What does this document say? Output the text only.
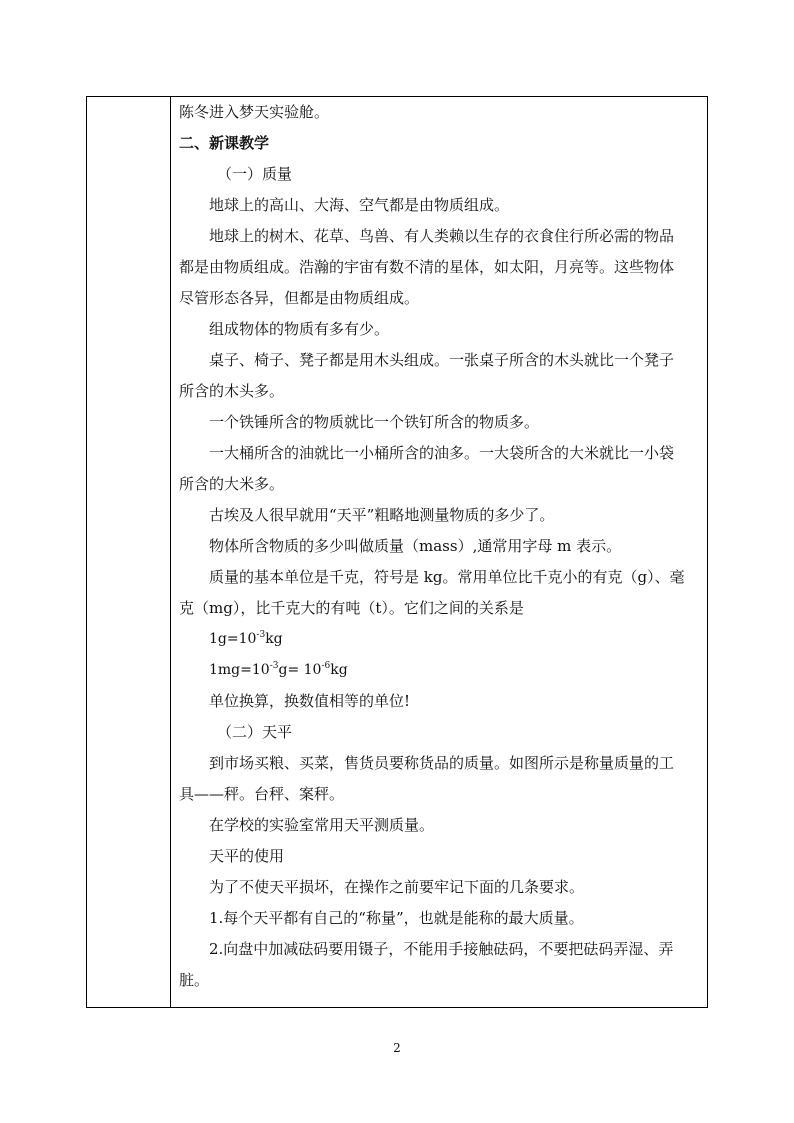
陈冬进入梦天实验舱。
二、新课教学
（一）质量
地球上的高山、大海、空气都是由物质组成。
地球上的树木、花草、鸟兽、有人类赖以生存的衣食住行所必需的物品
都是由物质组成。浩瀚的宇宙有数不清的星体，如太阳，月亮等。这些物体
尽管形态各异，但都是由物质组成。
组成物体的物质有多有少。
桌子、椅子、凳子都是用木头组成。一张桌子所含的木头就比一个凳子
所含的木头多。
一个铁锤所含的物质就比一个铁钉所含的物质多。
一大桶所含的油就比一小桶所含的油多。一大袋所含的大米就比一小袋
所含的大米多。
古埃及人很早就用“天平”粗略地测量物质的多少了。
物体所含物质的多少叫做质量（mass）,通常用字母 m 表示。
质量的基本单位是千克，符号是 kg。常用单位比千克小的有克（g）、毫
克（mg），比千克大的有吨（t）。它们之间的关系是
$1g=10^{-3}kg$
$1mg=10^{-3}g= 10^{-6}kg$
单位换算，换数值相等的单位!
（二）天平
到市场买粮、买菜，售货员要称货品的质量。如图所示是称量质量的工
具——秤。台秤、案秤。
在学校的实验室常用天平测质量。
天平的使用
为了不使天平损坏，在操作之前要牢记下面的几条要求。
1.每个天平都有自己的“称量”，也就是能称的最大质量。
2.向盘中加减砝码要用镊子，不能用手接触砝码，不要把砝码弄湿、弄
脏。
2
